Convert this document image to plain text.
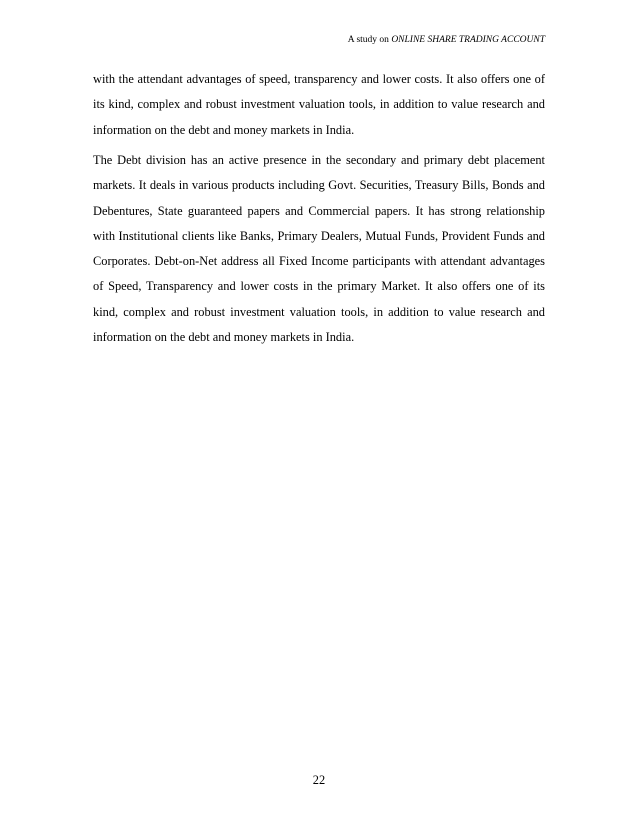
A study on ONLINE SHARE TRADING ACCOUNT

with the attendant advantages of speed, transparency and lower costs. It also offers one of its kind, complex and robust investment valuation tools, in addition to value research and information on the debt and money markets in India.

The Debt division has an active presence in the secondary and primary debt placement markets. It deals in various products including Govt. Securities, Treasury Bills, Bonds and Debentures, State guaranteed papers and Commercial papers. It has strong relationship with Institutional clients like Banks, Primary Dealers, Mutual Funds, Provident Funds and Corporates. Debt-on-Net address all Fixed Income participants with attendant advantages of Speed, Transparency and lower costs in the primary Market. It also offers one of its kind, complex and robust investment valuation tools, in addition to value research and information on the debt and money markets in India.

22
